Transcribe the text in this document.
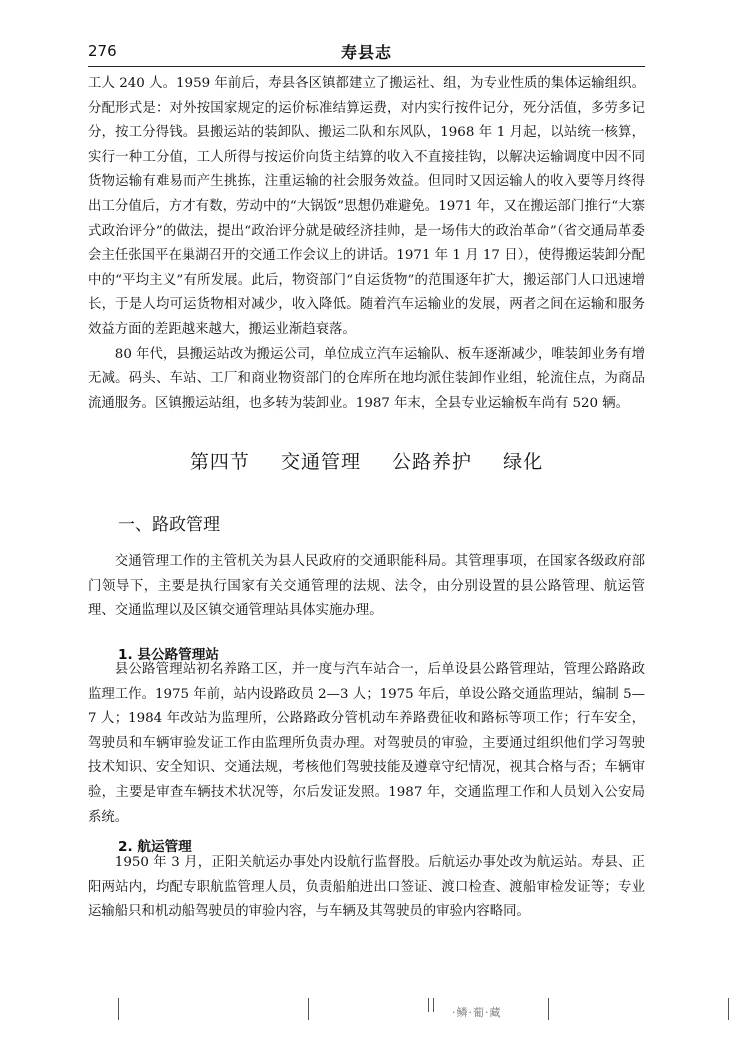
276	寿县志

工人 240 人。1959 年前后，寿县各区镇都建立了搬运社、组，为专业性质的集体运输组织。分配形式是：对外按国家规定的运价标准结算运费，对内实行按件记分，死分活值，多劳多记分，按工分得钱。县搬运站的装卸队、搬运二队和东风队，1968 年 1 月起，以站统一核算，实行一种工分值，工人所得与按运价向货主结算的收入不直接挂钩，以解决运输调度中因不同货物运输有难易而产生挑拣，注重运输的社会服务效益。但同时又因运输人的收入要等月终得出工分值后，方才有数，劳动中的“大锅饭”思想仍难避免。1971 年，又在搬运部门推行“大寨式政治评分”的做法，提出“政治评分就是破经济挂帅，是一场伟大的政治革命”（省交通局革委会主任张国平在巢湖召开的交通工作会议上的讲话。1971 年 1 月 17 日），使得搬运装卸分配中的“平均主义”有所发展。此后，物资部门“自运货物”的范围逐年扩大，搬运部门人口迅速增长，于是人均可运货物相对减少，收入降低。随着汽车运输业的发展，两者之间在运输和服务效益方面的差距越来越大，搬运业渐趋衰落。

80 年代，县搬运站改为搬运公司，单位成立汽车运输队、板车逐渐减少，唯装卸业务有增无减。码头、车站、工厂和商业物资部门的仓库所在地均派住装卸作业组，轮流住点，为商品流通服务。区镇搬运站组，也多转为装卸业。1987 年末，全县专业运输板车尚有 520 辆。

第四节 交通管理 公路养护 绿化
一、路政管理

交通管理工作的主管机关为县人民政府的交通职能科局。其管理事项，在国家各级政府部门领导下，主要是执行国家有关交通管理的法规、法令，由分别设置的县公路管理、航运管理、交通监理以及区镇交通管理站具体实施办理。

1. 县公路管理站

县公路管理站初名养路工区，并一度与汽车站合一，后单设县公路管理站，管理公路路政监理工作。1975 年前，站内设路政员 2—3 人；1975 年后，单设公路交通监理站，编制 5—7 人；1984 年改站为监理所，公路路政分管机动车养路费征收和路标等项工作；行车安全，驾驶员和车辆审验发证工作由监理所负责办理。对驾驶员的审验，主要通过组织他们学习驾驶技术知识、安全知识、交通法规，考核他们驾驶技能及遵章守纪情况，视其合格与否；车辆审验，主要是审查车辆技术状况等，尔后发证发照。1987 年，交通监理工作和人员划入公安局系统。

2. 航运管理

1950 年 3 月，正阳关航运办事处内设航行监督股。后航运办事处改为航运站。寿县、正阳两站内，均配专职航监管理人员，负责船舶进出口签证、渡口检查、渡船审检发证等；专业运输船只和机动船驾驶员的审验内容，与车辆及其驾驶员的审验内容略同。

·鳞·葡·藏
